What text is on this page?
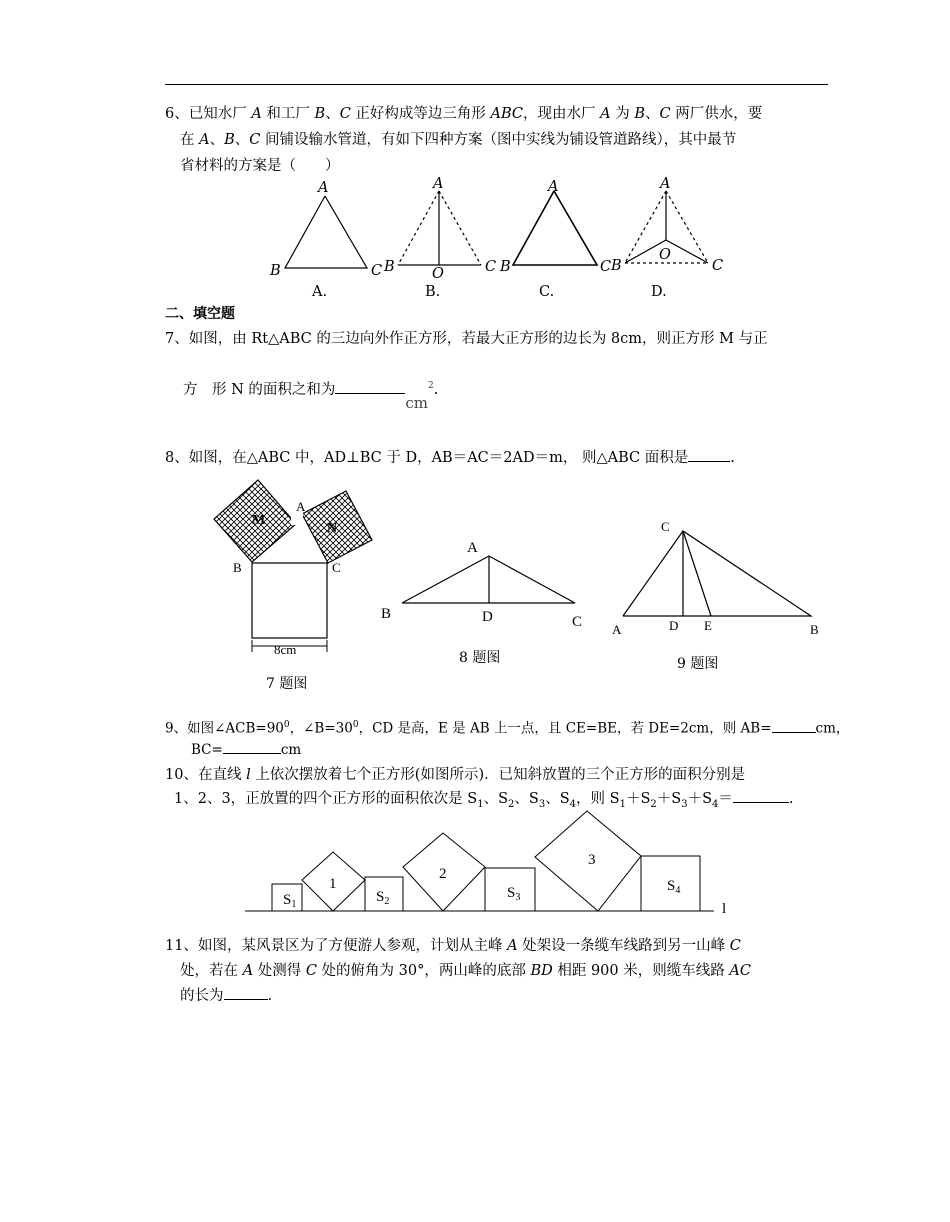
6、已知水厂 A 和工厂 B、C 正好构成等边三角形 ABC，现由水厂 A 为 B、C 两厂供水，要
在 A、B、C 间铺设输水管道，有如下四种方案（图中实线为铺设管道路线），其中最节
省材料的方案是（　　）
M
N
A
B	C
8cm
A
B	C
D
C
A	D E	B
$S_1$
1
$S_2$
2
$S_3$
3
$S_4$
l
A
B	C
A
B	C
O
A
B	C
A
B	C
O
A.	B.	C.	D.
二、填空题
7、如图，由 Rt△ABC 的三边向外作正方形，若最大正方形的边长为 8cm，则正方形 M 与正
方　形 N 的面积之和为$cm^2$.
8、如图，在△ABC 中，AD⊥BC 于 D，AB＝AC＝2AD＝m， 则△ABC 面积是	.
8 题图	9 题图
7 题图
9、如图$\angle ACB=90^0$，$\angle B=30^0$，CD 是高，E 是 AB 上一点，且 CE=BE，若 DE=2cm，则 AB=	cm，
BC=	cm
10、在直线 l 上依次摆放着七个正方形(如图所示)．已知斜放置的三个正方形的面积分别是
1、2、3，正放置的四个正方形的面积依次是 $S_1$、$S_2$、$S_3$、$S_4$，则 $S_1+S_2+S_3+S_4=$	.
11、如图，某风景区为了方便游人参观，计划从主峰 A 处架设一条缆车线路到另一山峰 C
处，若在 A 处测得 C 处的俯角为 30°，两山峰的底部 BD 相距 900 米，则缆车线路 AC
的长为	.
